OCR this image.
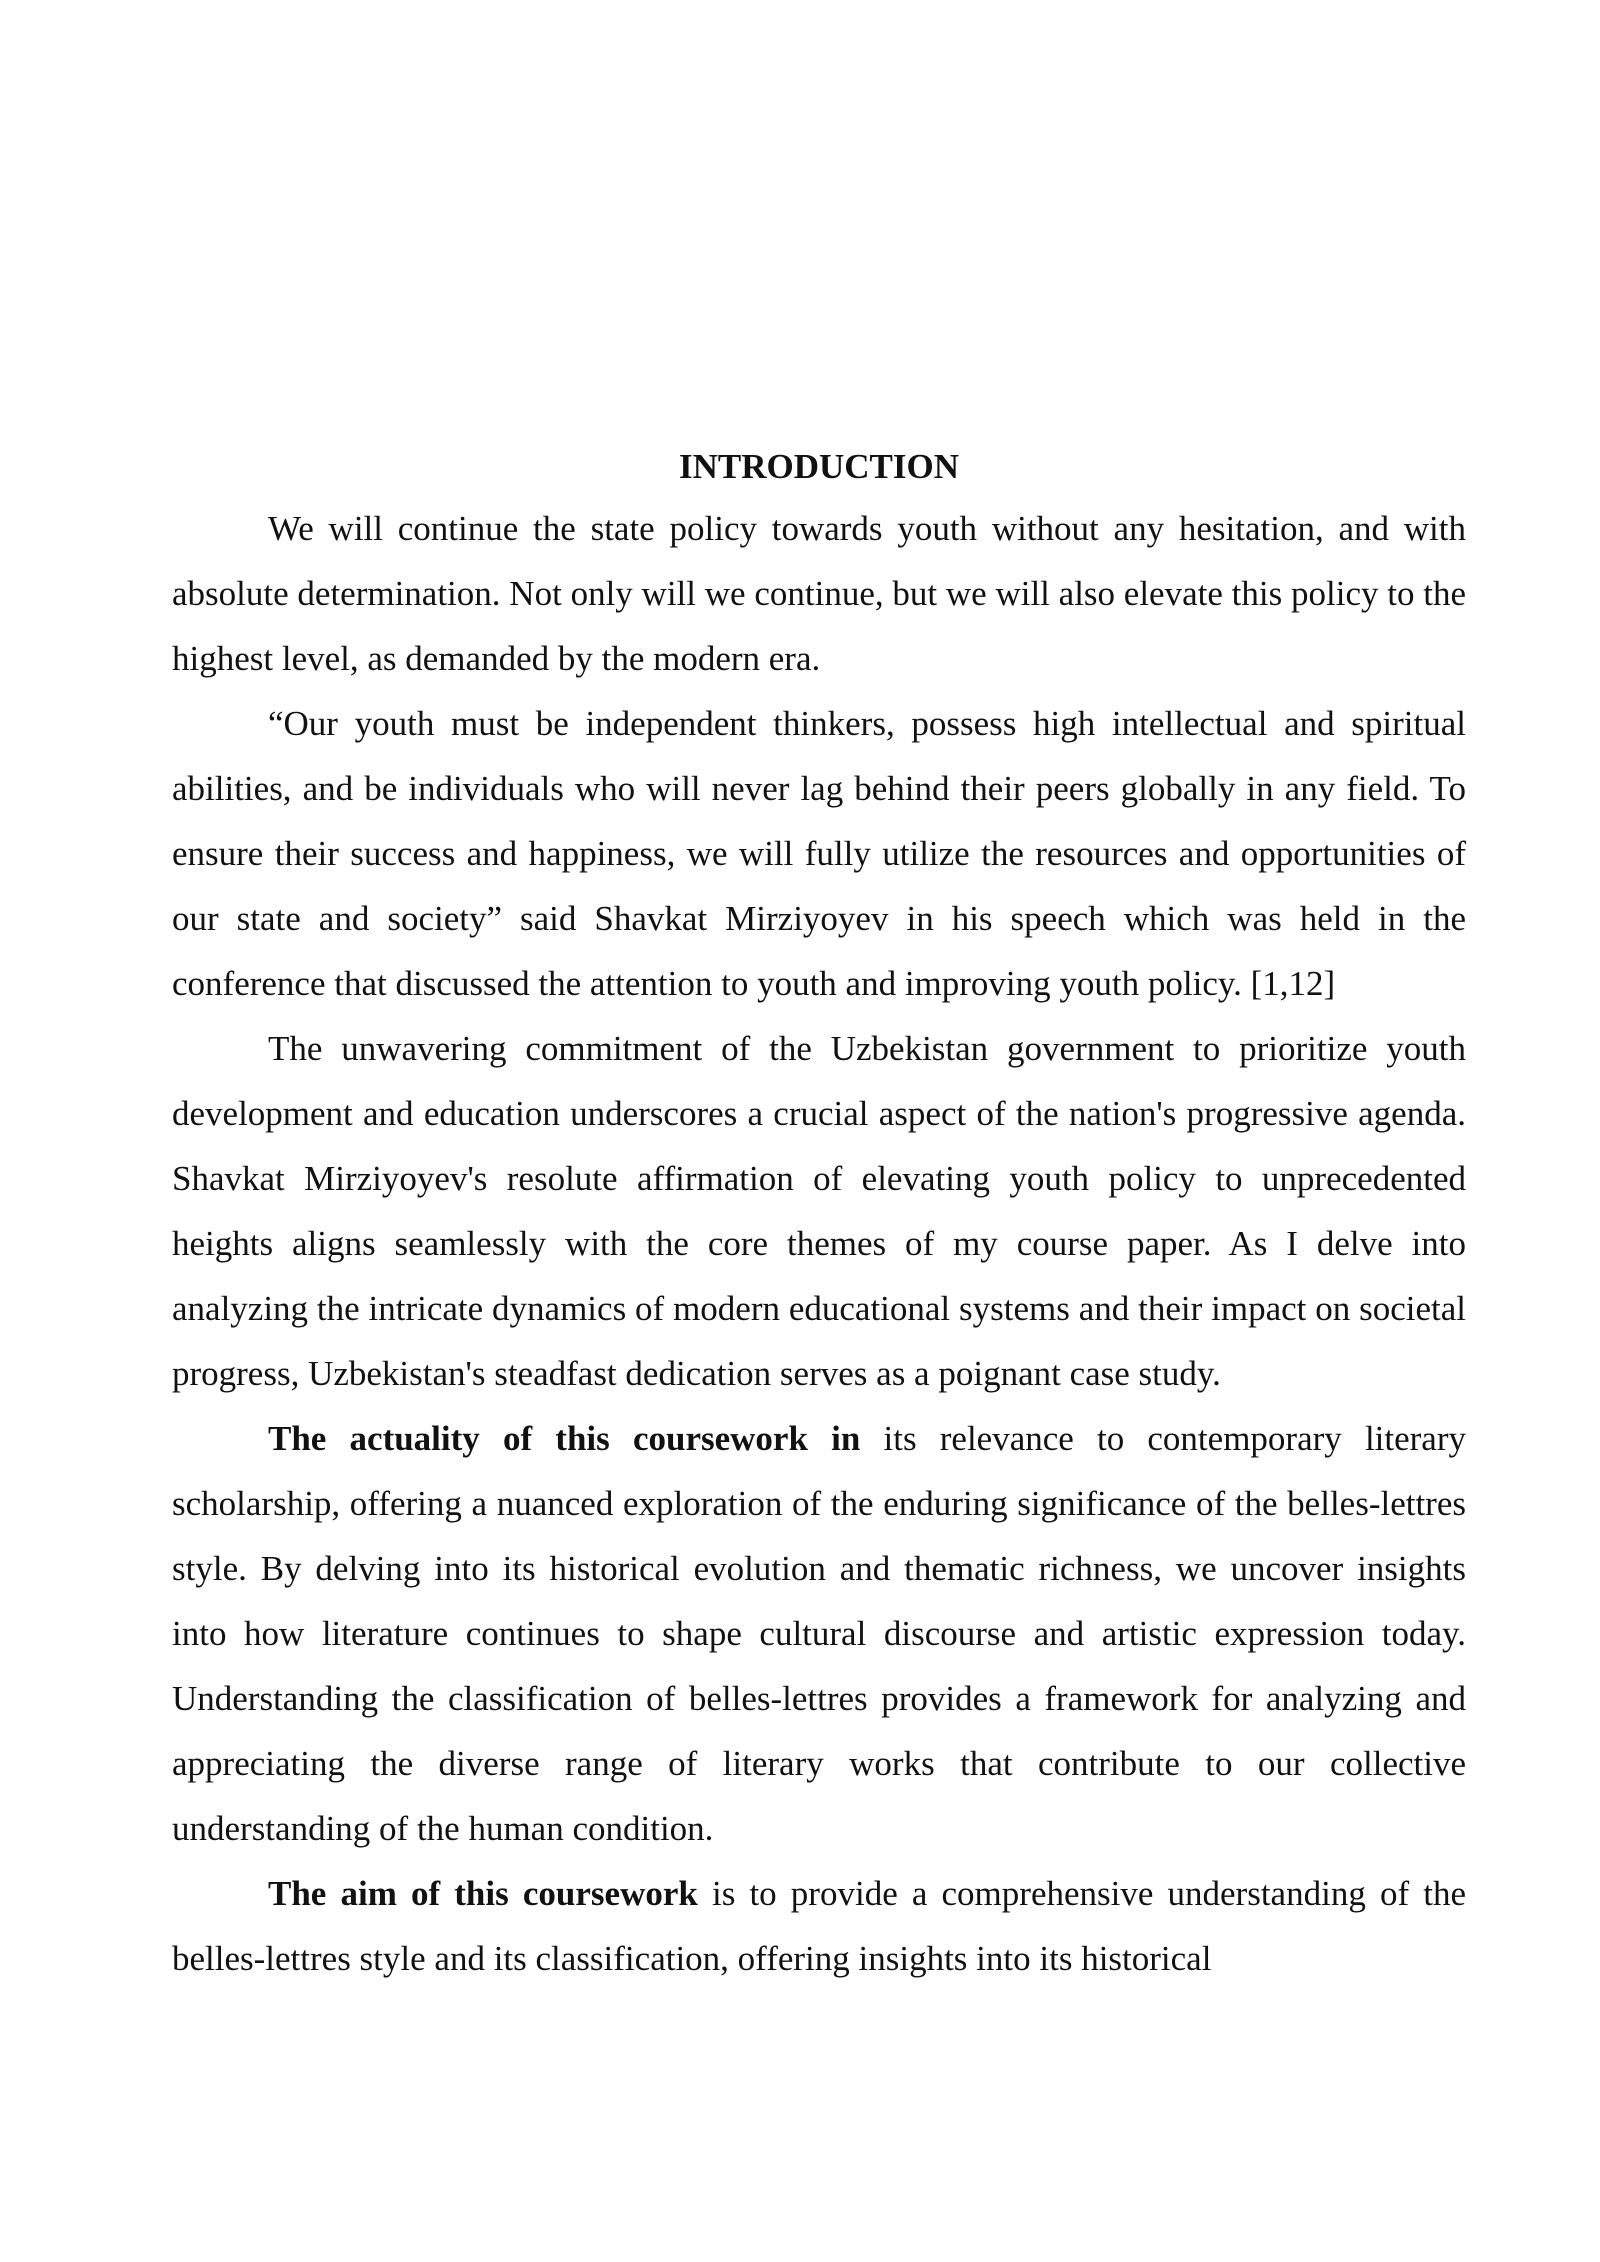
INTRODUCTION

We will continue the state policy towards youth without any hesitation, and with absolute determination. Not only will we continue, but we will also elevate this policy to the highest level, as demanded by the modern era.

“Our youth must be independent thinkers, possess high intellectual and spiritual abilities, and be individuals who will never lag behind their peers globally in any field. To ensure their success and happiness, we will fully utilize the resources and opportunities of our state and society” said Shavkat Mirziyoyev in his speech which was held in the conference that discussed the attention to youth and improving youth policy. [1,12]

The unwavering commitment of the Uzbekistan government to prioritize youth development and education underscores a crucial aspect of the nation's progressive agenda. Shavkat Mirziyoyev's resolute affirmation of elevating youth policy to unprecedented heights aligns seamlessly with the core themes of my course paper. As I delve into analyzing the intricate dynamics of modern educational systems and their impact on societal progress, Uzbekistan's steadfast dedication serves as a poignant case study.

The actuality of this coursework in its relevance to contemporary literary scholarship, offering a nuanced exploration of the enduring significance of the belles-lettres style. By delving into its historical evolution and thematic richness, we uncover insights into how literature continues to shape cultural discourse and artistic expression today. Understanding the classification of belles-lettres provides a framework for analyzing and appreciating the diverse range of literary works that contribute to our collective understanding of the human condition.

The aim of this coursework is to provide a comprehensive understanding of the belles-lettres style and its classification, offering insights into its historical
